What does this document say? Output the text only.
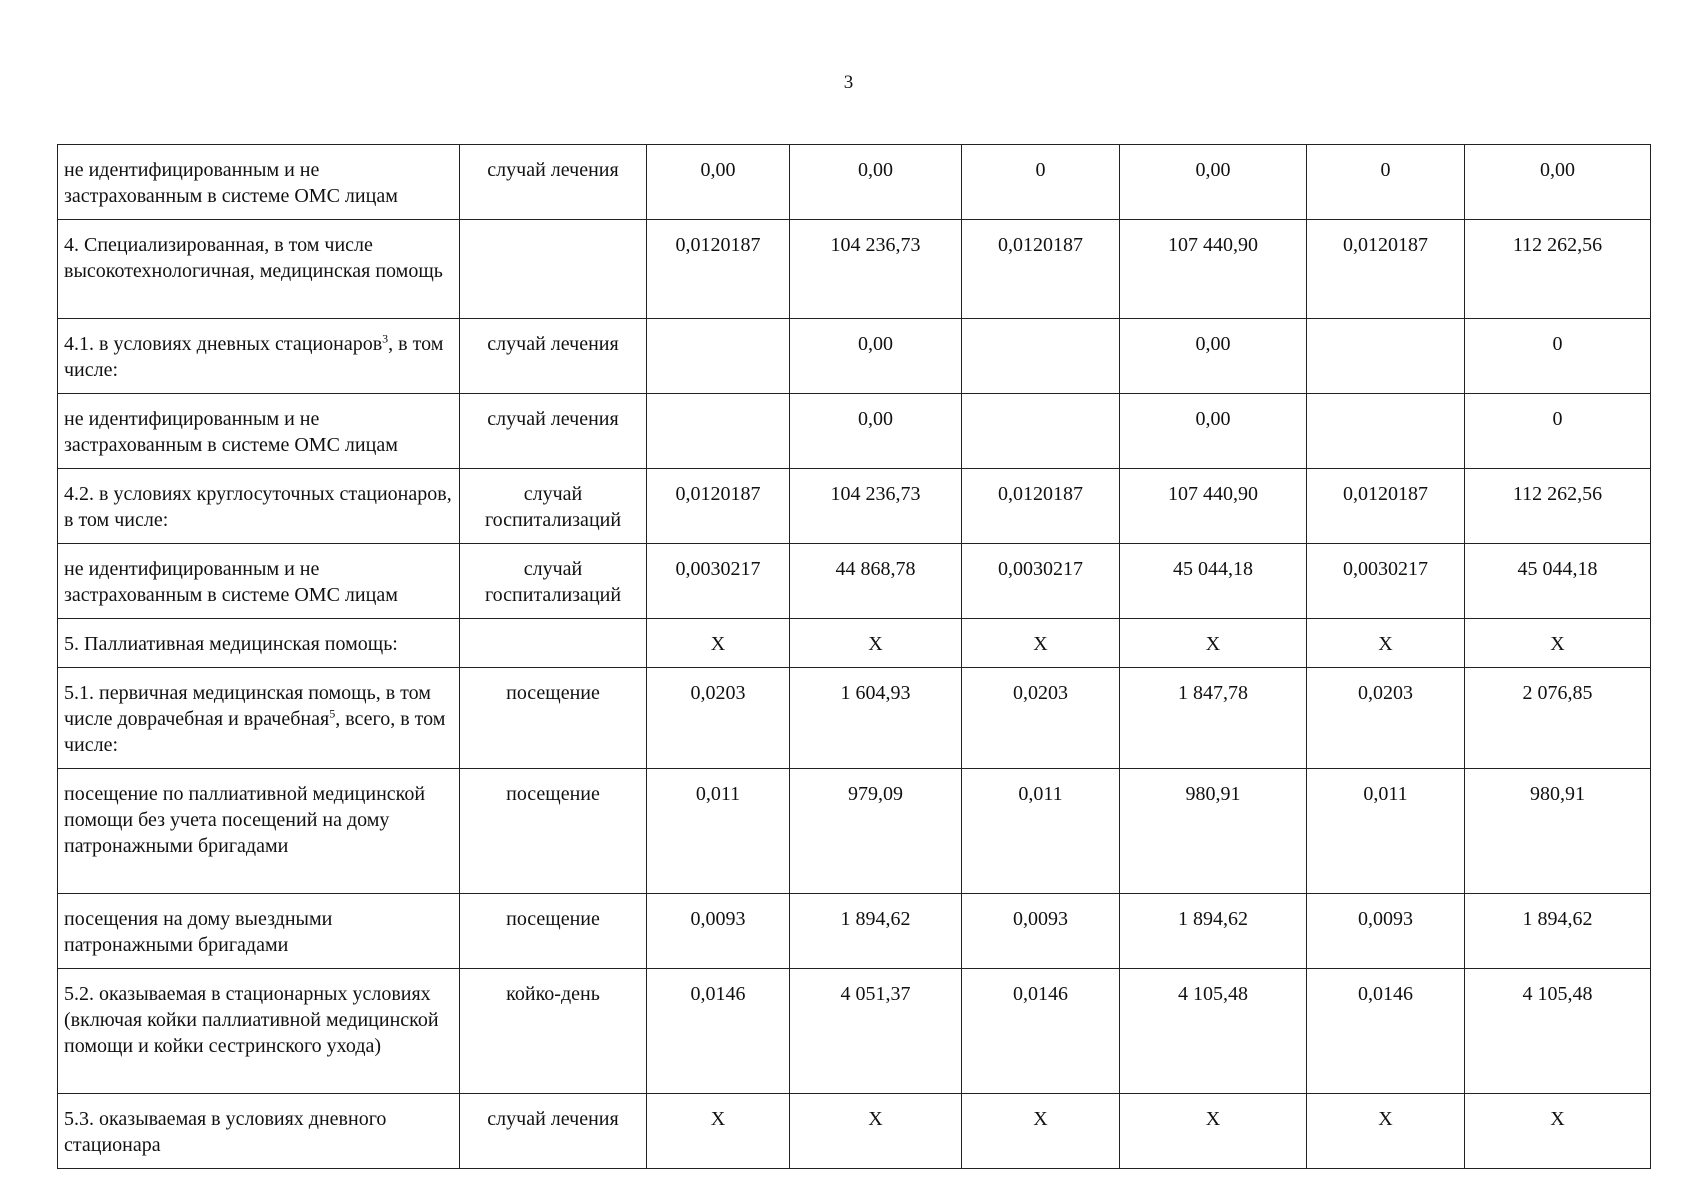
3
не идентифицированным и не застрахованным в системе ОМС лицам	случай лечения	0,00	0,00	0	0,00	0	0,00
4. Специализированная, в том числе высокотехнологичная, медицинская помощь		0,0120187	104 236,73	0,0120187	107 440,90	0,0120187	112 262,56
4.1. в условиях дневных стационаров$^3$, в том числе:	случай лечения		0,00		0,00		0
не идентифицированным и не застрахованным в системе ОМС лицам	случай лечения		0,00		0,00		0
4.2. в условиях круглосуточных стационаров, в том числе:	случай госпитализаций	0,0120187	104 236,73	0,0120187	107 440,90	0,0120187	112 262,56
не идентифицированным и не застрахованным в системе ОМС лицам	случай госпитализаций	0,0030217	44 868,78	0,0030217	45 044,18	0,0030217	45 044,18
5. Паллиативная медицинская помощь:		X	X	X	X	X	X
5.1. первичная медицинская помощь, в том числе доврачебная и врачебная$^5$, всего, в том числе:	посещение	0,0203	1 604,93	0,0203	1 847,78	0,0203	2 076,85
посещение по паллиативной медицинской помощи без учета посещений на дому патронажными бригадами	посещение	0,011	979,09	0,011	980,91	0,011	980,91
посещения на дому выездными патронажными бригадами	посещение	0,0093	1 894,62	0,0093	1 894,62	0,0093	1 894,62
5.2. оказываемая в стационарных условиях (включая койки паллиативной медицинской помощи и койки сестринского ухода)	койко-день	0,0146	4 051,37	0,0146	4 105,48	0,0146	4 105,48
5.3. оказываемая в условиях дневного стационара	случай лечения	X	X	X	X	X	X
